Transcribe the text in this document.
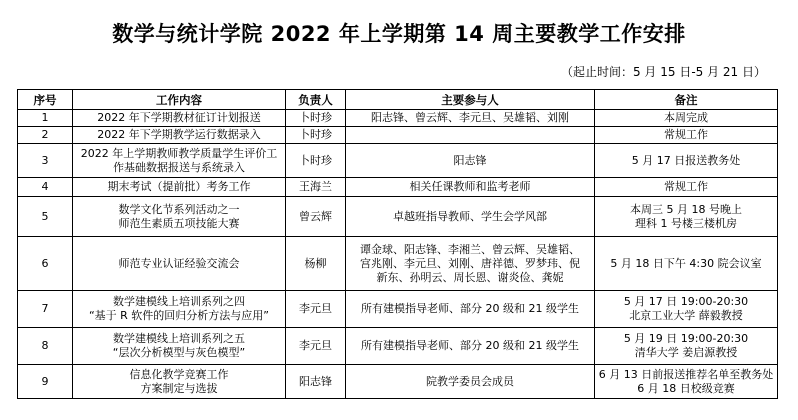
数学与统计学院 2022 年上学期第 14 周主要教学工作安排
（起止时间：5 月 15 日-5 月 21 日）
序号	工作内容	负责人	主要参与人	备注
1	2022 年下学期教材征订计划报送	卜时珍	阳志锋、曾云辉、李元旦、吴雄韬、刘刚	本周完成

2	2022 年下学期教学运行数据录入	卜时珍		常规工作

3	2022 年上学期教师教学质量学生评价工
作基础数据报送与系统录入	卜时珍	阳志锋	5 月 17 日报送教务处

4	期末考试（提前批）考务工作	王海兰	相关任课教师和监考老师	常规工作

5	数学文化节系列活动之一
师范生素质五项技能大赛	曾云辉	卓越班指导教师、学生会学风部	本周三 5 月 18 号晚上
理科 1 号楼三楼机房

6	师范专业认证经验交流会	杨柳	谭金球、阳志锋、李湘兰、曾云辉、吴雄韬、
宫兆刚、李元旦、刘刚、唐祥德、罗梦玮、倪
新东、孙明云、周长恩、谢炎俭、龚妮	5 月 18 日下午 4:30 院会议室

7	数学建模线上培训系列之四
“基于 R 软件的回归分析方法与应用”	李元旦	所有建模指导老师、部分 20 级和 21 级学生	5 月 17 日 19:00-20:30
北京工业大学 薛毅教授

8	数学建模线上培训系列之五
“层次分析模型与灰色模型”	李元旦	所有建模指导老师、部分 20 级和 21 级学生	5 月 19 日 19:00-20:30
清华大学 姜启源教授

9	信息化教学竞赛工作
方案制定与选拔	阳志锋	院教学委员会成员	6 月 13 日前报送推荐名单至教务处
6 月 18 日校级竞赛
